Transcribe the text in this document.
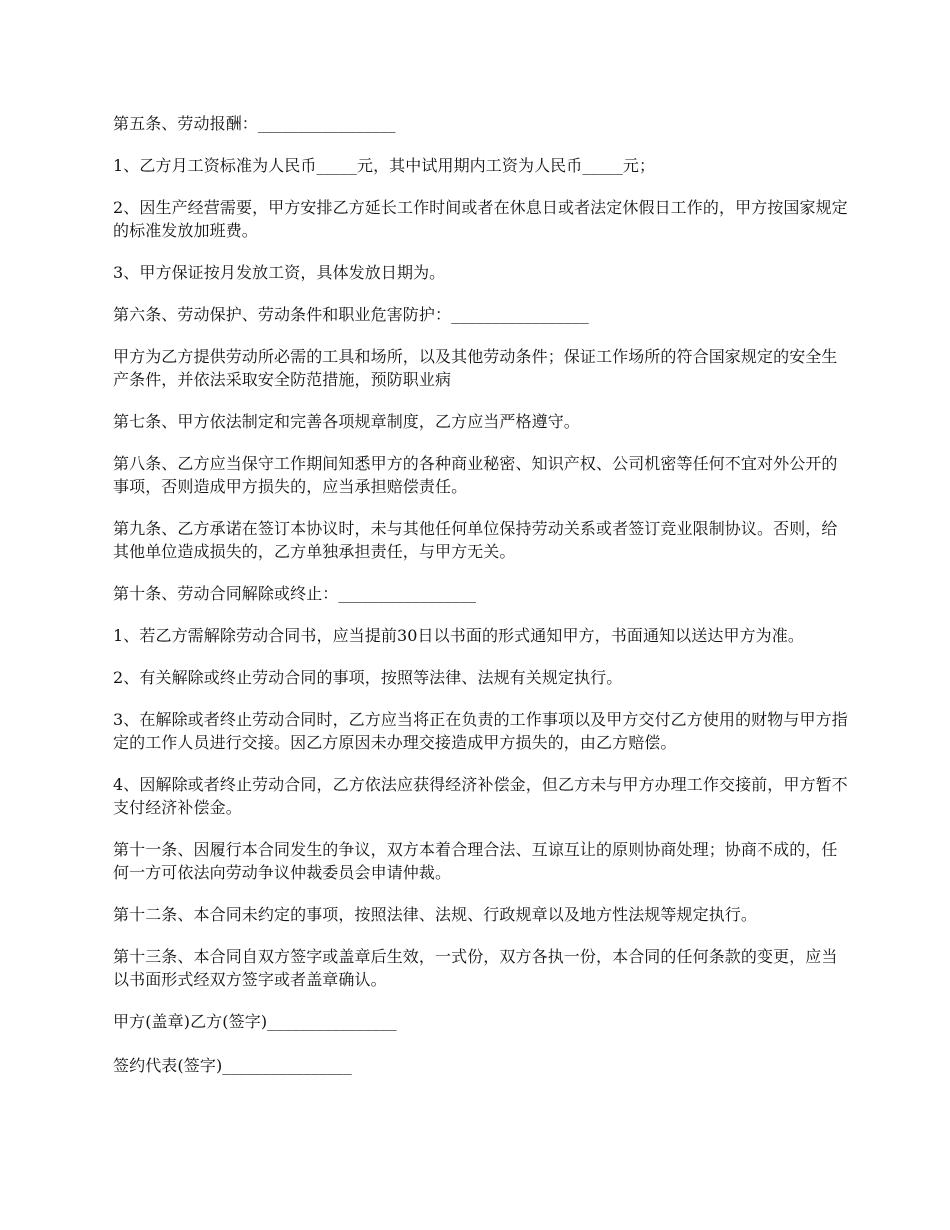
第五条、劳动报酬：_________________

1、乙方月工资标准为人民币_____元，其中试用期内工资为人民币_____元；

2、因生产经营需要，甲方安排乙方延长工作时间或者在休息日或者法定休假日工作的，甲方按国家规定的标准发放加班费。

3、甲方保证按月发放工资，具体发放日期为。

第六条、劳动保护、劳动条件和职业危害防护：_________________

甲方为乙方提供劳动所必需的工具和场所，以及其他劳动条件；保证工作场所的符合国家规定的安全生产条件，并依法采取安全防范措施，预防职业病

第七条、甲方依法制定和完善各项规章制度，乙方应当严格遵守。

第八条、乙方应当保守工作期间知悉甲方的各种商业秘密、知识产权、公司机密等任何不宜对外公开的事项，否则造成甲方损失的，应当承担赔偿责任。

第九条、乙方承诺在签订本协议时，未与其他任何单位保持劳动关系或者签订竞业限制协议。否则，给其他单位造成损失的，乙方单独承担责任，与甲方无关。

第十条、劳动合同解除或终止：_________________

1、若乙方需解除劳动合同书，应当提前30日以书面的形式通知甲方，书面通知以送达甲方为准。

2、有关解除或终止劳动合同的事项，按照等法律、法规有关规定执行。

3、在解除或者终止劳动合同时，乙方应当将正在负责的工作事项以及甲方交付乙方使用的财物与甲方指定的工作人员进行交接。因乙方原因未办理交接造成甲方损失的，由乙方赔偿。

4、因解除或者终止劳动合同，乙方依法应获得经济补偿金，但乙方未与甲方办理工作交接前，甲方暂不支付经济补偿金。

第十一条、因履行本合同发生的争议，双方本着合理合法、互谅互让的原则协商处理；协商不成的，任何一方可依法向劳动争议仲裁委员会申请仲裁。

第十二条、本合同未约定的事项，按照法律、法规、行政规章以及地方性法规等规定执行。

第十三条、本合同自双方签字或盖章后生效，一式份，双方各执一份，本合同的任何条款的变更，应当以书面形式经双方签字或者盖章确认。

甲方(盖章)乙方(签字)________________

签约代表(签字)________________
